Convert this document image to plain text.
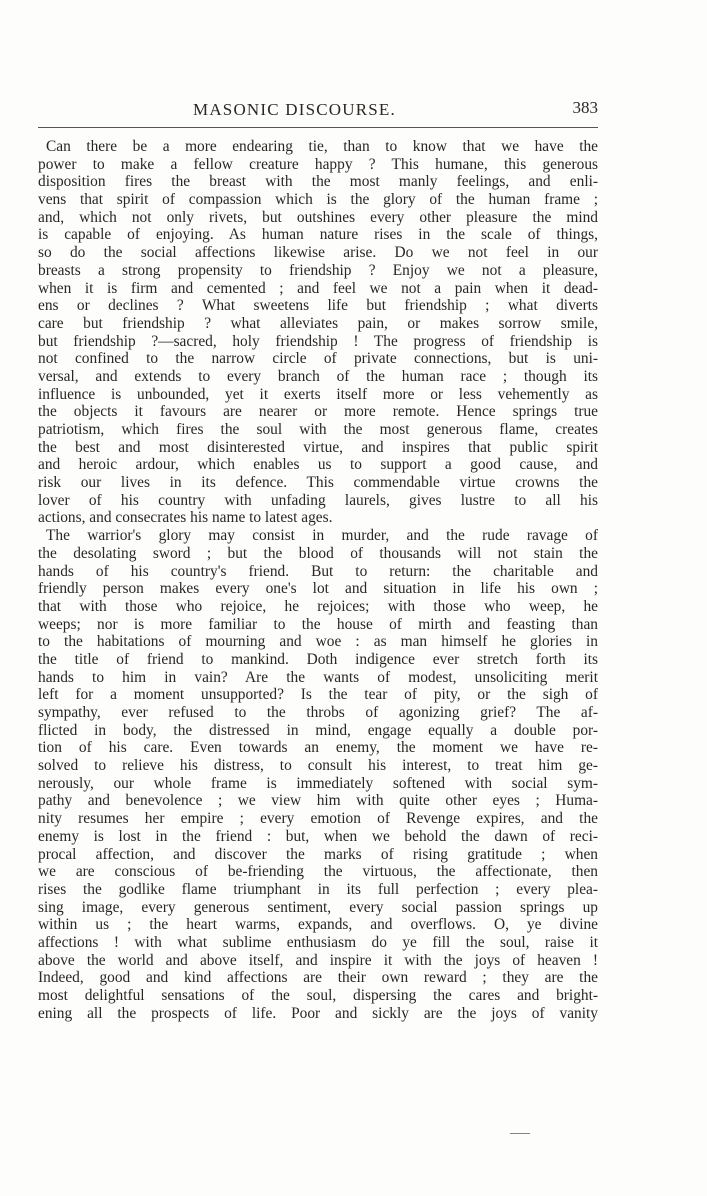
MASONIC DISCOURSE.	383
Can there be a more endearing tie, than to know that we have the
power to make a fellow creature happy ? This humane, this generous
disposition fires the breast with the most manly feelings, and enli-
vens that spirit of compassion which is the glory of the human frame ;
and, which not only rivets, but outshines every other pleasure the mind
is capable of enjoying. As human nature rises in the scale of things,
so do the social affections likewise arise. Do we not feel in our
breasts a strong propensity to friendship ? Enjoy we not a pleasure,
when it is firm and cemented ; and feel we not a pain when it dead-
ens or declines ? What sweetens life but friendship ; what diverts
care but friendship ? what alleviates pain, or makes sorrow smile,
but friendship ?—sacred, holy friendship ! The progress of friendship is
not confined to the narrow circle of private connections, but is uni-
versal, and extends to every branch of the human race ; though its
influence is unbounded, yet it exerts itself more or less vehemently as
the objects it favours are nearer or more remote. Hence springs true
patriotism, which fires the soul with the most generous flame, creates
the best and most disinterested virtue, and inspires that public spirit
and heroic ardour, which enables us to support a good cause, and
risk our lives in its defence. This commendable virtue crowns the
lover of his country with unfading laurels, gives lustre to all his
actions, and consecrates his name to latest ages.
The warrior's glory may consist in murder, and the rude ravage of
the desolating sword ; but the blood of thousands will not stain the
hands of his country's friend. But to return: the charitable and
friendly person makes every one's lot and situation in life his own ;
that with those who rejoice, he rejoices; with those who weep, he
weeps; nor is more familiar to the house of mirth and feasting than
to the habitations of mourning and woe : as man himself he glories in
the title of friend to mankind. Doth indigence ever stretch forth its
hands to him in vain? Are the wants of modest, unsoliciting merit
left for a moment unsupported? Is the tear of pity, or the sigh of
sympathy, ever refused to the throbs of agonizing grief? The af-
flicted in body, the distressed in mind, engage equally a double por-
tion of his care. Even towards an enemy, the moment we have re-
solved to relieve his distress, to consult his interest, to treat him ge-
nerously, our whole frame is immediately softened with social sym-
pathy and benevolence ; we view him with quite other eyes ; Huma-
nity resumes her empire ; every emotion of Revenge expires, and the
enemy is lost in the friend : but, when we behold the dawn of reci-
procal affection, and discover the marks of rising gratitude ; when
we are conscious of be-friending the virtuous, the affectionate, then
rises the godlike flame triumphant in its full perfection ; every plea-
sing image, every generous sentiment, every social passion springs up
within us ; the heart warms, expands, and overflows. O, ye divine
affections ! with what sublime enthusiasm do ye fill the soul, raise it
above the world and above itself, and inspire it with the joys of heaven !
Indeed, good and kind affections are their own reward ; they are the
most delightful sensations of the soul, dispersing the cares and bright-
ening all the prospects of life. Poor and sickly are the joys of vanity
